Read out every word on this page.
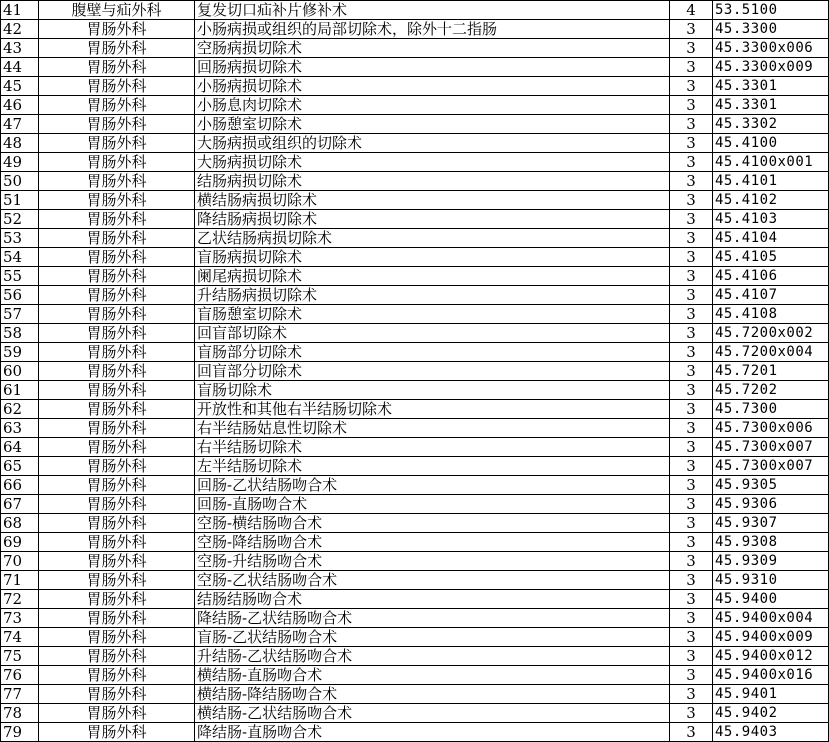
41	腹壁与疝外科	复发切口疝补片修补术	4	53.5100
42	胃肠外科	小肠病损或组织的局部切除术，除外十二指肠	3	45.3300
43	胃肠外科	空肠病损切除术	3	45.3300x006
44	胃肠外科	回肠病损切除术	3	45.3300x009
45	胃肠外科	小肠病损切除术	3	45.3301
46	胃肠外科	小肠息肉切除术	3	45.3301
47	胃肠外科	小肠憩室切除术	3	45.3302
48	胃肠外科	大肠病损或组织的切除术	3	45.4100
49	胃肠外科	大肠病损切除术	3	45.4100x001
50	胃肠外科	结肠病损切除术	3	45.4101
51	胃肠外科	横结肠病损切除术	3	45.4102
52	胃肠外科	降结肠病损切除术	3	45.4103
53	胃肠外科	乙状结肠病损切除术	3	45.4104
54	胃肠外科	盲肠病损切除术	3	45.4105
55	胃肠外科	阑尾病损切除术	3	45.4106
56	胃肠外科	升结肠病损切除术	3	45.4107
57	胃肠外科	盲肠憩室切除术	3	45.4108
58	胃肠外科	回盲部切除术	3	45.7200x002
59	胃肠外科	盲肠部分切除术	3	45.7200x004
60	胃肠外科	回盲部分切除术	3	45.7201
61	胃肠外科	盲肠切除术	3	45.7202
62	胃肠外科	开放性和其他右半结肠切除术	3	45.7300
63	胃肠外科	右半结肠姑息性切除术	3	45.7300x006
64	胃肠外科	右半结肠切除术	3	45.7300x007
65	胃肠外科	左半结肠切除术	3	45.7300x007
66	胃肠外科	回肠-乙状结肠吻合术	3	45.9305
67	胃肠外科	回肠-直肠吻合术	3	45.9306
68	胃肠外科	空肠-横结肠吻合术	3	45.9307
69	胃肠外科	空肠-降结肠吻合术	3	45.9308
70	胃肠外科	空肠-升结肠吻合术	3	45.9309
71	胃肠外科	空肠-乙状结肠吻合术	3	45.9310
72	胃肠外科	结肠结肠吻合术	3	45.9400
73	胃肠外科	降结肠-乙状结肠吻合术	3	45.9400x004
74	胃肠外科	盲肠-乙状结肠吻合术	3	45.9400x009
75	胃肠外科	升结肠-乙状结肠吻合术	3	45.9400x012
76	胃肠外科	横结肠-直肠吻合术	3	45.9400x016
77	胃肠外科	横结肠-降结肠吻合术	3	45.9401
78	胃肠外科	横结肠-乙状结肠吻合术	3	45.9402
79	胃肠外科	降结肠-直肠吻合术	3	45.9403
